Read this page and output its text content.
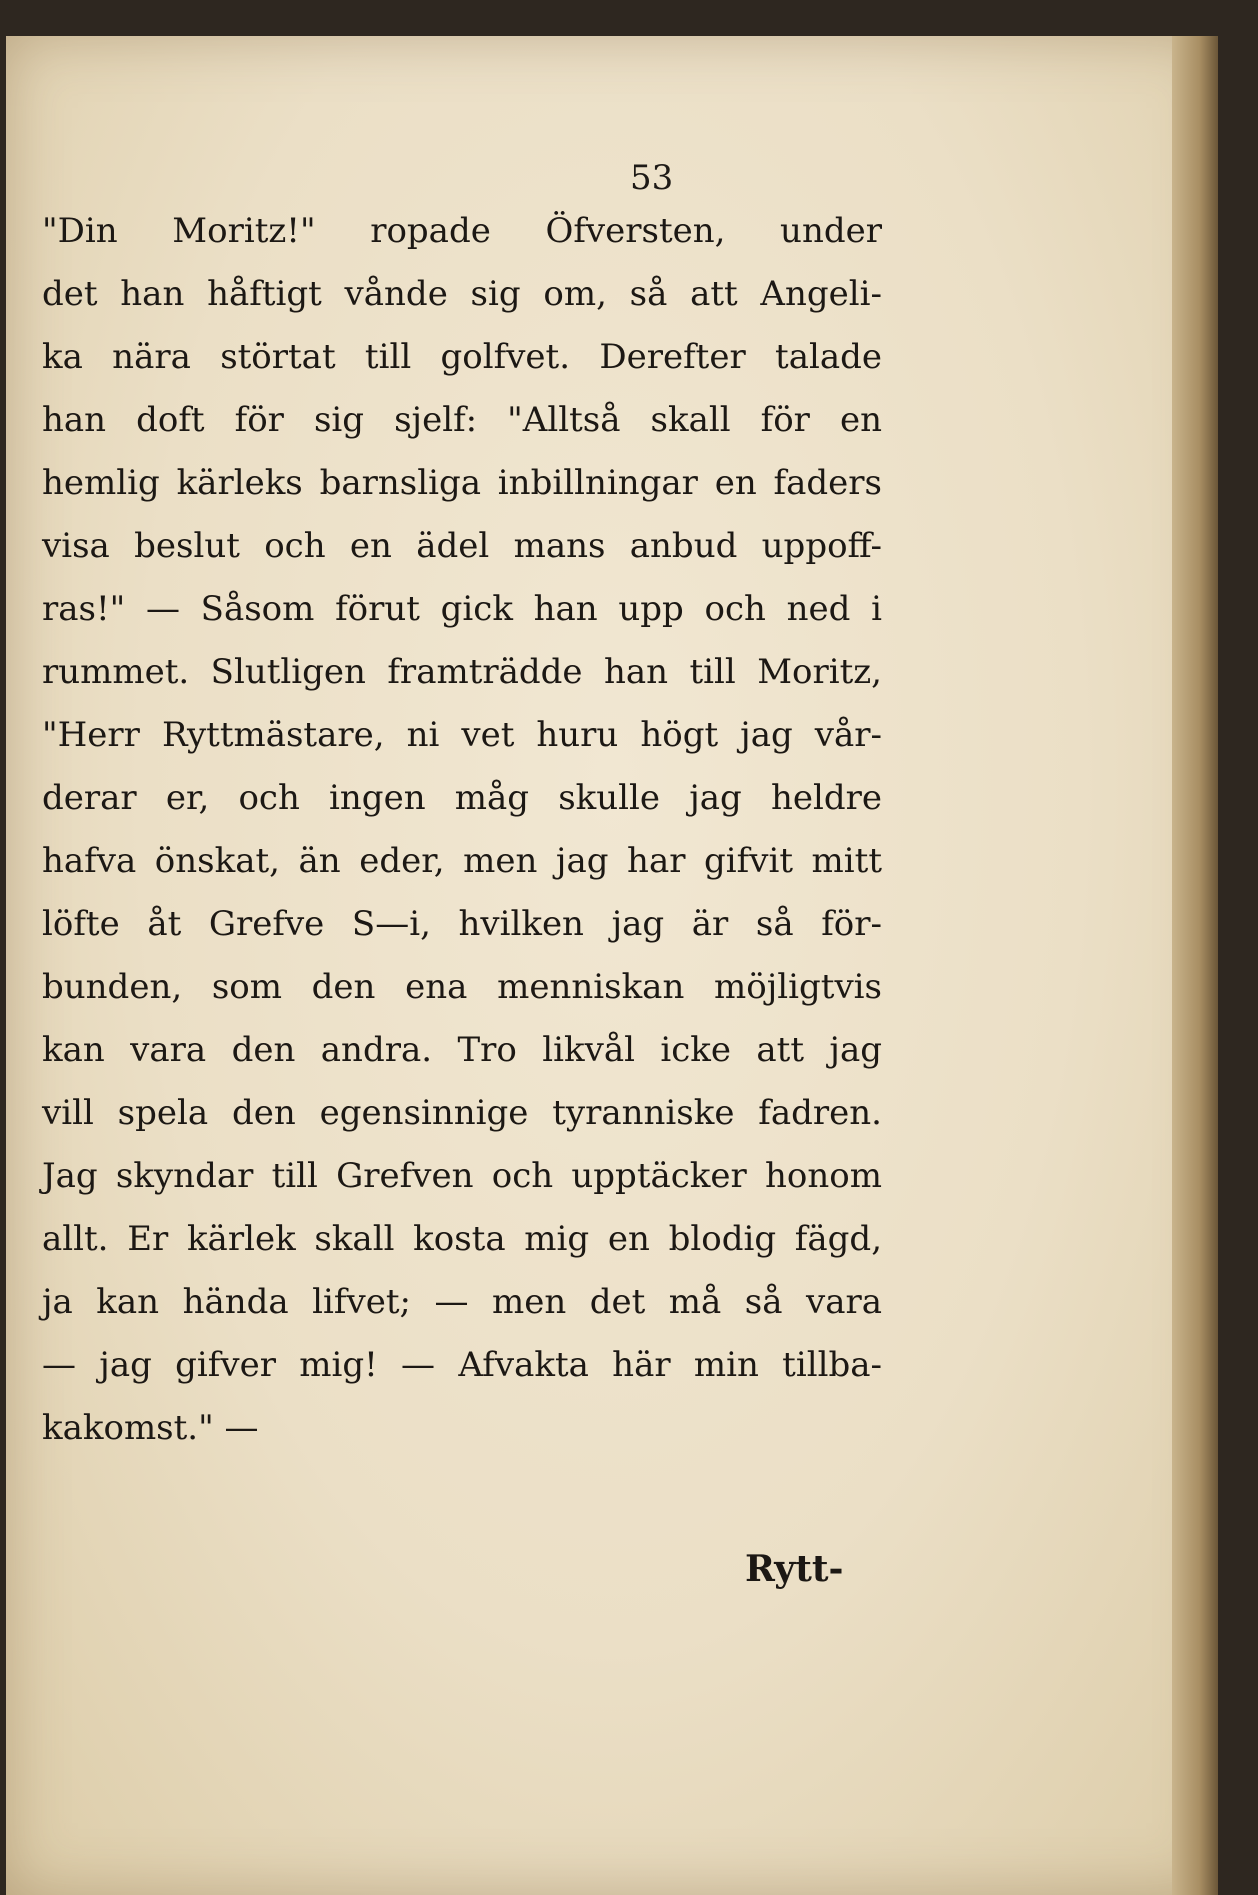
53
"Din Moritz!" ropade Öfversten, under
det han håftigt vånde sig om, så att Angeli-
ka nära störtat till golfvet. Derefter talade
han doft för sig sjelf: "Alltså skall för en
hemlig kärleks barnsliga inbillningar en faders
visa beslut och en ädel mans anbud uppoff-
ras!" — Såsom förut gick han upp och ned i
rummet. Slutligen framträdde han till Moritz,
"Herr Ryttmästare, ni vet huru högt jag vår-
derar er, och ingen måg skulle jag heldre
hafva önskat, än eder, men jag har gifvit mitt
löfte åt Grefve S—i, hvilken jag är så för-
bunden, som den ena menniskan möjligtvis
kan vara den andra. Tro likvål icke att jag
vill spela den egensinnige tyranniske fadren.
Jag skyndar till Grefven och upptäcker honom
allt. Er kärlek skall kosta mig en blodig fägd,
ja kan hända lifvet; — men det må så vara
— jag gifver mig! — Afvakta här min tillba-
kakomst." —
Rytt-
